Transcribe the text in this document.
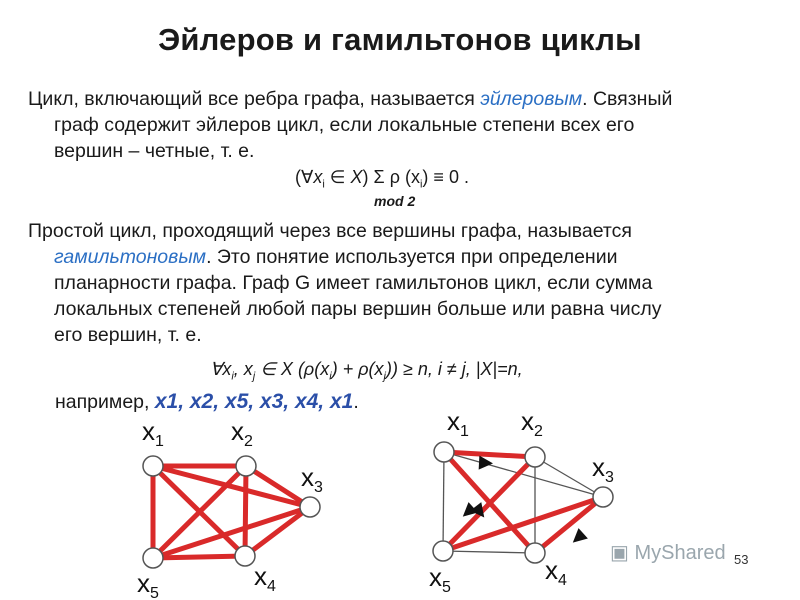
Эйлеров и гамильтонов циклы
Цикл, включающий все ребра графа, называется эйлеровым. Связный
граф содержит эйлеров цикл, если локальные степени всех его
вершин – четные, т. е.
($\forall x_i$ ∈ X) Σ ρ $(x_i) \equiv 0$ .
mod 2
Простой цикл, проходящий через все вершины графа, называется
гамильтоновым. Это понятие используется при определении
планарности графа. Граф G имеет гамильтонов цикл, если сумма
локальных степеней любой пары вершин больше или равна числу
его вершин, т. е.
$\forall x_i$, $x_j$ ∈ X $(\rho(x_i) + \rho(x_j)) \ge n$, i ≠ j, |X|=n,
например, x1, x2, x5, x3, x4, x1.
$x_1$	$x_2$
$x_3$
$x_4$
$x_5$
$x_1$ $x_2$
$x_3$
$x_4$
$x_5$
▣ MyShared 53
